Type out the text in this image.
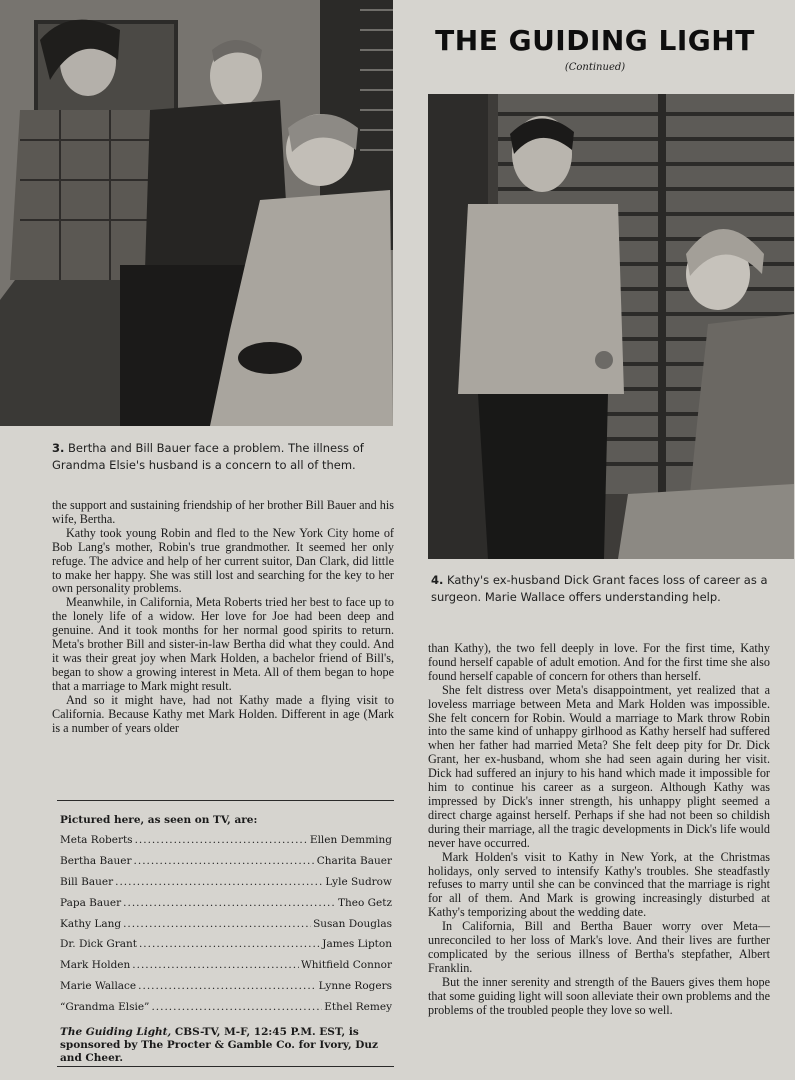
THE GUIDING LIGHT
(Continued)
3. Bertha and Bill Bauer face a problem. The illness of Grandma Elsie's husband is a concern to all of them.
4. Kathy's ex-husband Dick Grant faces loss of career as a surgeon. Marie Wallace offers understanding help.

the support and sustaining friendship of her brother Bill Bauer and his wife, Bertha.

Kathy took young Robin and fled to the New York City home of Bob Lang's mother, Robin's true grandmother. It seemed her only refuge. The advice and help of her current suitor, Dan Clark, did little to make her happy. She was still lost and searching for the key to her own personality problems.

Meanwhile, in California, Meta Roberts tried her best to face up to the lonely life of a widow. Her love for Joe had been deep and genuine. And it took months for her normal good spirits to return. Meta's brother Bill and sister-in-law Bertha did what they could. And it was their great joy when Mark Holden, a bachelor friend of Bill's, began to show a growing interest in Meta. All of them began to hope that a marriage to Mark might result.

And so it might have, had not Kathy made a flying visit to California. Because Kathy met Mark Holden. Different in age (Mark is a number of years older

than Kathy), the two fell deeply in love. For the first time, Kathy found herself capable of adult emotion. And for the first time she also found herself capable of concern for others than herself.

She felt distress over Meta's disappointment, yet realized that a loveless marriage between Meta and Mark Holden was impossible. She felt concern for Robin. Would a marriage to Mark throw Robin into the same kind of unhappy girlhood as Kathy herself had suffered when her father had married Meta? She felt deep pity for Dr. Dick Grant, her ex-husband, whom she had seen again during her visit. Dick had suffered an injury to his hand which made it impossible for him to continue his career as a surgeon. Although Kathy was impressed by Dick's inner strength, his unhappy plight seemed a direct charge against herself. Perhaps if she had not been so childish during their marriage, all the tragic developments in Dick's life would never have occurred.

Mark Holden's visit to Kathy in New York, at the Christmas holidays, only served to intensify Kathy's troubles. She steadfastly refuses to marry until she can be convinced that the marriage is right for all of them. And Mark is growing increasingly disturbed at Kathy's temporizing about the wedding date.

In California, Bill and Bertha Bauer worry over Meta—unreconciled to her loss of Mark's love. And their lives are further complicated by the serious illness of Bertha's stepfather, Albert Franklin.

But the inner serenity and strength of the Bauers gives them hope that some guiding light will soon alleviate their own problems and the problems of the troubled people they love so well.

Pictured here, as seen on TV, are:
Meta Roberts .....	Ellen Demming
Bertha Bauer .....	Charita Bauer
Bill Bauer .....	Lyle Sudrow
Papa Bauer .....	Theo Getz
Kathy Lang .....	Susan Douglas
Dr. Dick Grant .....	James Lipton
Mark Holden .....	Whitfield Connor
Marie Wallace .....	Lynne Rogers
“Grandma Elsie” .....	Ethel Remey
The Guiding Light, CBS-TV, M-F, 12:45 P.M. EST, is sponsored by The Procter & Gamble Co. for Ivory, Duz and Cheer.
